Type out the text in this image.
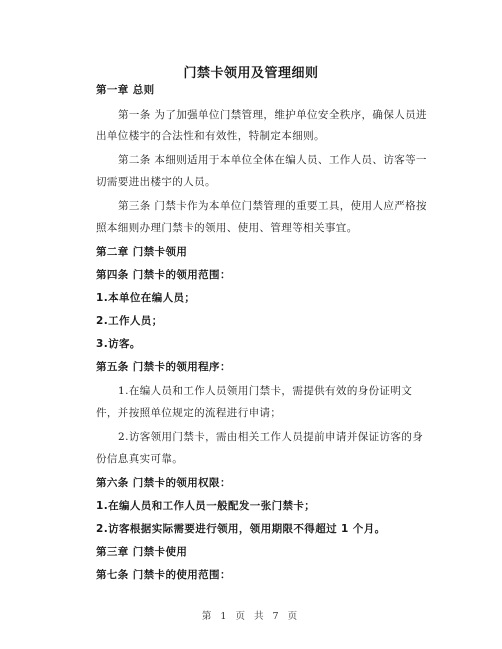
门禁卡领用及管理细则
第一章 总则
第一条 为了加强单位门禁管理，维护单位安全秩序，确保人员进
出单位楼宇的合法性和有效性，特制定本细则。
第二条 本细则适用于本单位全体在编人员、工作人员、访客等一
切需要进出楼宇的人员。
第三条 门禁卡作为本单位门禁管理的重要工具，使用人应严格按
照本细则办理门禁卡的领用、使用、管理等相关事宜。
第二章 门禁卡领用
第四条 门禁卡的领用范围：
1.本单位在编人员；
2.工作人员；
3.访客。
第五条 门禁卡的领用程序：
1.在编人员和工作人员领用门禁卡，需提供有效的身份证明文
件，并按照单位规定的流程进行申请；
2.访客领用门禁卡，需由相关工作人员提前申请并保证访客的身
份信息真实可靠。
第六条 门禁卡的领用权限：
1.在编人员和工作人员一般配发一张门禁卡；
2.访客根据实际需要进行领用，领用期限不得超过 1 个月。
第三章 门禁卡使用
第七条 门禁卡的使用范围：
第 1 页 共 7 页
